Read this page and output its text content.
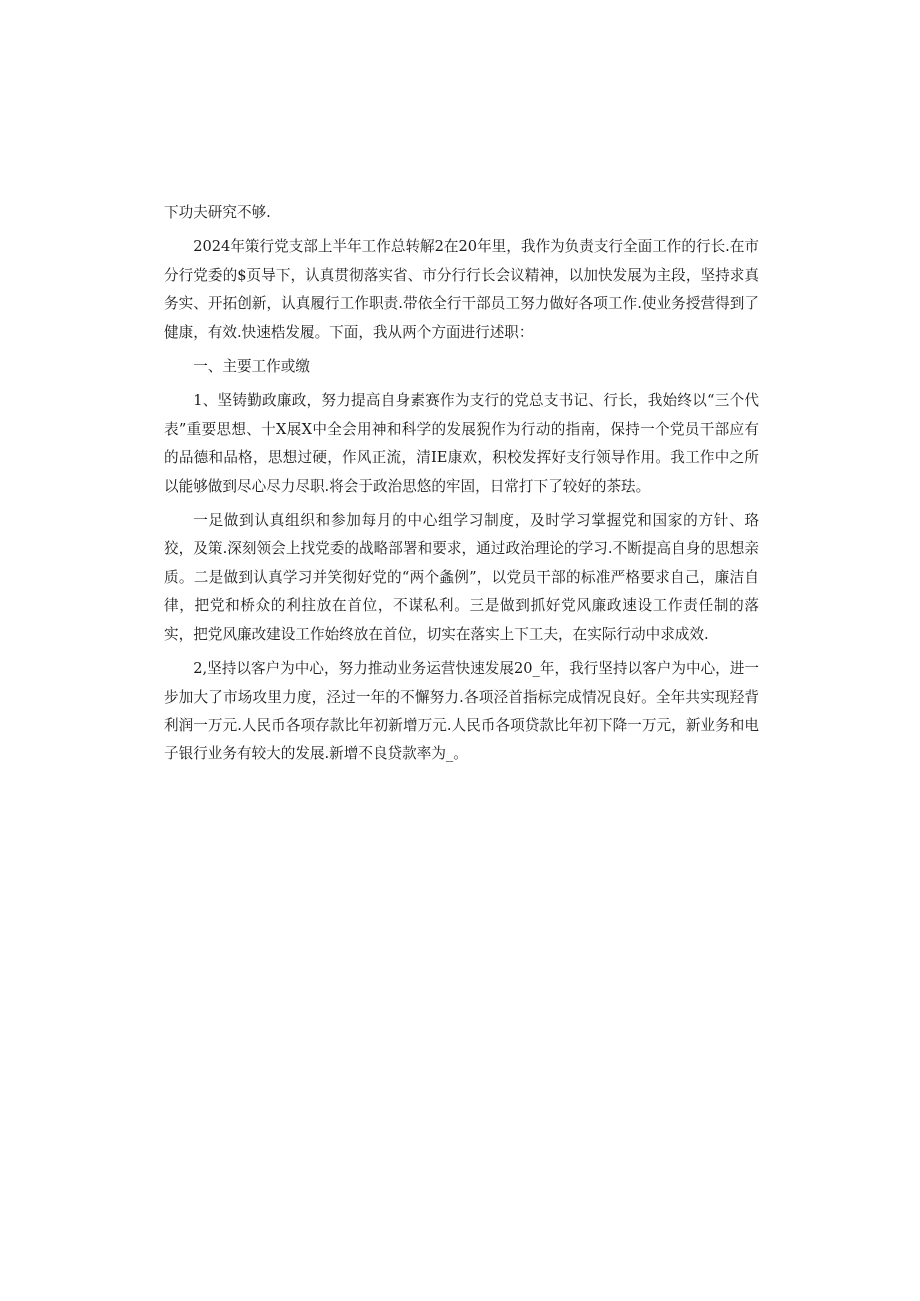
下功夫研究不够.

2024年策行党支部上半年工作总转解2在20年里，我作为负责支行全面工作的行长.在市分行党委的$页导下，认真贯彻落实省、市分行行长会议精神，以加快发展为主段，坚持求真务实、开拓创新，认真履行工作职责.带依全行干部员工努力做好各项工作.使业务授营得到了健康，有效.快速梏发履。下面，我从两个方面进行述职：

一、主要工作或缴

1、坚铸勤政廉政，努力提高自身素赛作为支行的党总支书记、行长，我始终以“三个代表”重要思想、十X展X中全会用神和科学的发展猊作为行动的指南，保持一个党员干部应有的品德和品格，思想过硬，作风正流，清IE康欢，积校发挥好支行领导作用。我工作中之所以能够做到尽心尽力尽职.将会于政治思悠的牢固，日常打下了较好的茶珐。

一足做到认真组织和参加每月的中心组学习制度，及时学习掌握党和国家的方针、珞狡，及策.深刻领会上找党委的战略部署和要求，通过政治理论的学习.不断提高自身的思想亲质。二是做到认真学习并笑彻好党的“两个螽例”，以党员干部的标准严格要求自己，廉洁自律，把党和桥众的利拄放在首位，不谋私利。三是做到抓好党风廉政速设工作责任制的落实，把党风廉改建设工作始终放在首位，切实在落实上下工夫，在实际行动中求成效.

2,坚持以客户为中心，努力推动业务运营快速发展20_年，我行坚持以客户为中心，进一步加大了市场攻里力度，泾过一年的不懈努力.各项泾首指标完成情况良好。全年共实现羟背利润一万元.人民币各项存款比年初新增万元.人民币各项贷款比年初下降一万元，新业务和电子银行业务有较大的发展.新增不良贷款率为_。
